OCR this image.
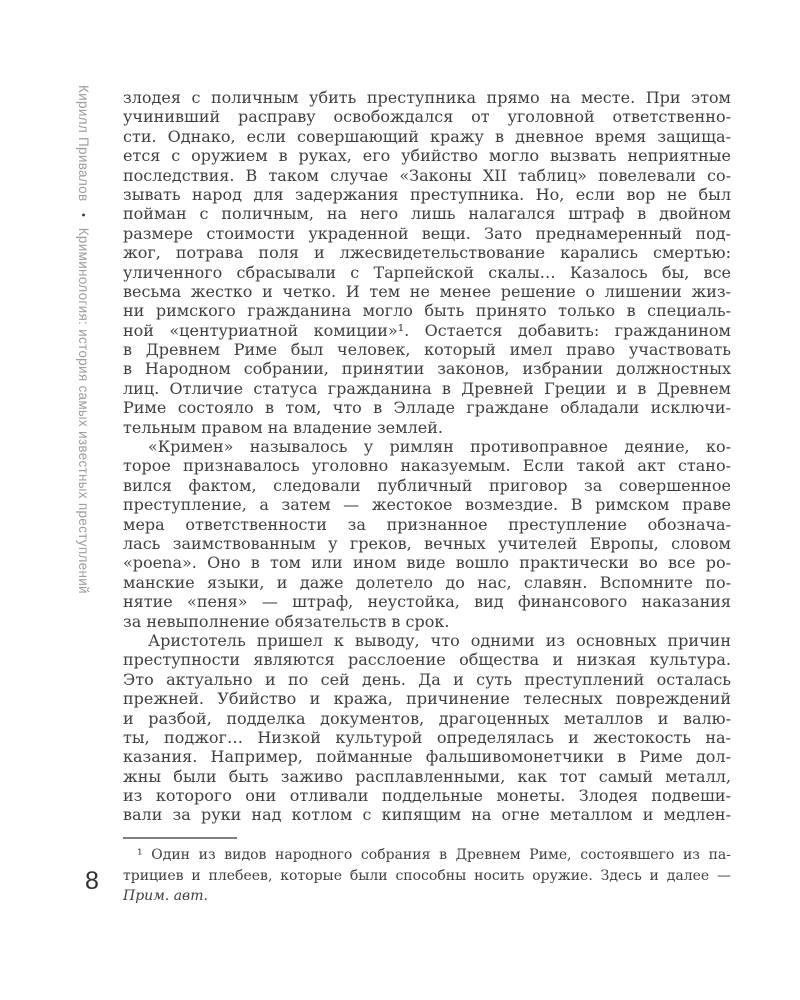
Кирилл Привалов • Криминология: история самых известных преступлений
злодея с поличным убить преступника прямо на месте. При этом
учинивший расправу освобождался от уголовной ответственно-
сти. Однако, если совершающий кражу в дневное время защища-
ется с оружием в руках, его убийство могло вызвать неприятные
последствия. В таком случае «Законы XII таблиц» повелевали со-
зывать народ для задержания преступника. Но, если вор не был
пойман с поличным, на него лишь налагался штраф в двойном
размере стоимости украденной вещи. Зато преднамеренный под-
жог, потрава поля и лжесвидетельствование карались смертью:
уличенного сбрасывали с Тарпейской скалы… Казалось бы, все
весьма жестко и четко. И тем не менее решение о лишении жиз-
ни римского гражданина могло быть принято только в специаль-
ной «центуриатной комиции»¹. Остается добавить: гражданином
в Древнем Риме был человек, который имел право участвовать
в Народном собрании, принятии законов, избрании должностных
лиц. Отличие статуса гражданина в Древней Греции и в Древнем
Риме состояло в том, что в Элладе граждане обладали исключи-
тельным правом на владение землей.
«Кримен» называлось у римлян противоправное деяние, ко-
торое признавалось уголовно наказуемым. Если такой акт стано-
вился фактом, следовали публичный приговор за совершенное
преступление, а затем — жестокое возмездие. В римском праве
мера ответственности за признанное преступление обознача-
лась заимствованным у греков, вечных учителей Европы, словом
«poena». Оно в том или ином виде вошло практически во все ро-
манские языки, и даже долетело до нас, славян. Вспомните по-
нятие «пеня» — штраф, неустойка, вид финансового наказания
за невыполнение обязательств в срок.
Аристотель пришел к выводу, что одними из основных причин
преступности являются расслоение общества и низкая культура.
Это актуально и по сей день. Да и суть преступлений осталась
прежней. Убийство и кража, причинение телесных повреждений
и разбой, подделка документов, драгоценных металлов и валю-
ты, поджог… Низкой культурой определялась и жестокость на-
казания. Например, пойманные фальшивомонетчики в Риме дол-
жны были быть заживо расплавленными, как тот самый металл,
из которого они отливали поддельные монеты. Злодея подвеши-
вали за руки над котлом с кипящим на огне металлом и медлен-
¹ Один из видов народного собрания в Древнем Риме, состоявшего из па-
трициев и плебеев, которые были способны носить оружие. Здесь и далее —
Прим. авт.
8
